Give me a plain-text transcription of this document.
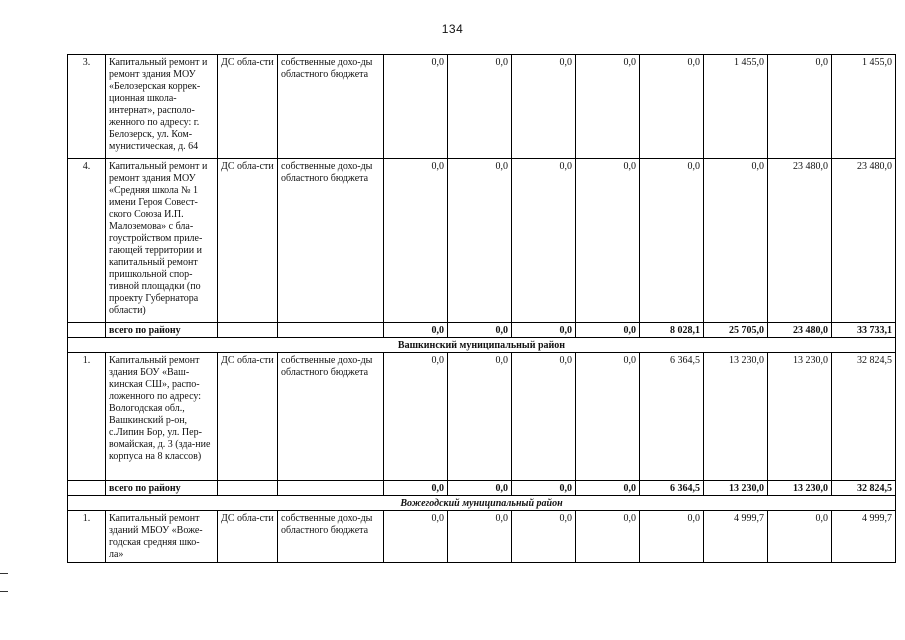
134
3.	Капитальный ремонт и ремонт здания МОУ «Белозерская коррек-ционная школа-интернат», располо-женного по адресу: г. Белозерск, ул. Ком-мунистическая, д. 64	ДС обла-сти	собственные дохо-ды областного бюджета	0,0	0,0	0,0	0,0	0,0	1 455,0	0,0	1 455,0
4.	Капитальный ремонт и ремонт здания МОУ «Средняя школа № 1 имени Героя Совест-ского Союза И.П. Малоземова» с бла-гоустройством приле-гающей территории и капитальный ремонт пришкольной спор-тивной площадки (по проекту Губернатора области)	ДС обла-сти	собственные дохо-ды областного бюджета	0,0	0,0	0,0	0,0	0,0	0,0	23 480,0	23 480,0
	всего по району			0,0	0,0	0,0	0,0	8 028,1	25 705,0	23 480,0	33 733,1
Вашкинский муниципальный район											
1.	Капитальный ремонт здания БОУ «Ваш-кинская СШ», распо-ложенного по адресу: Вологодская обл., Вашкинский р-он, с.Липин Бор, ул. Пер-вомайская, д. 3 (зда-ние корпуса на 8 классов)	ДС обла-сти	собственные дохо-ды областного бюджета	0,0	0,0	0,0	0,0	6 364,5	13 230,0	13 230,0	32 824,5
	всего по району			0,0	0,0	0,0	0,0	6 364,5	13 230,0	13 230,0	32 824,5
Вожегодский муниципальный район											
1.	Капитальный ремонт зданий МБОУ «Воже-годская средняя шко-ла»	ДС обла-сти	собственные дохо-ды областного бюджета	0,0	0,0	0,0	0,0	0,0	4 999,7	0,0	4 999,7
